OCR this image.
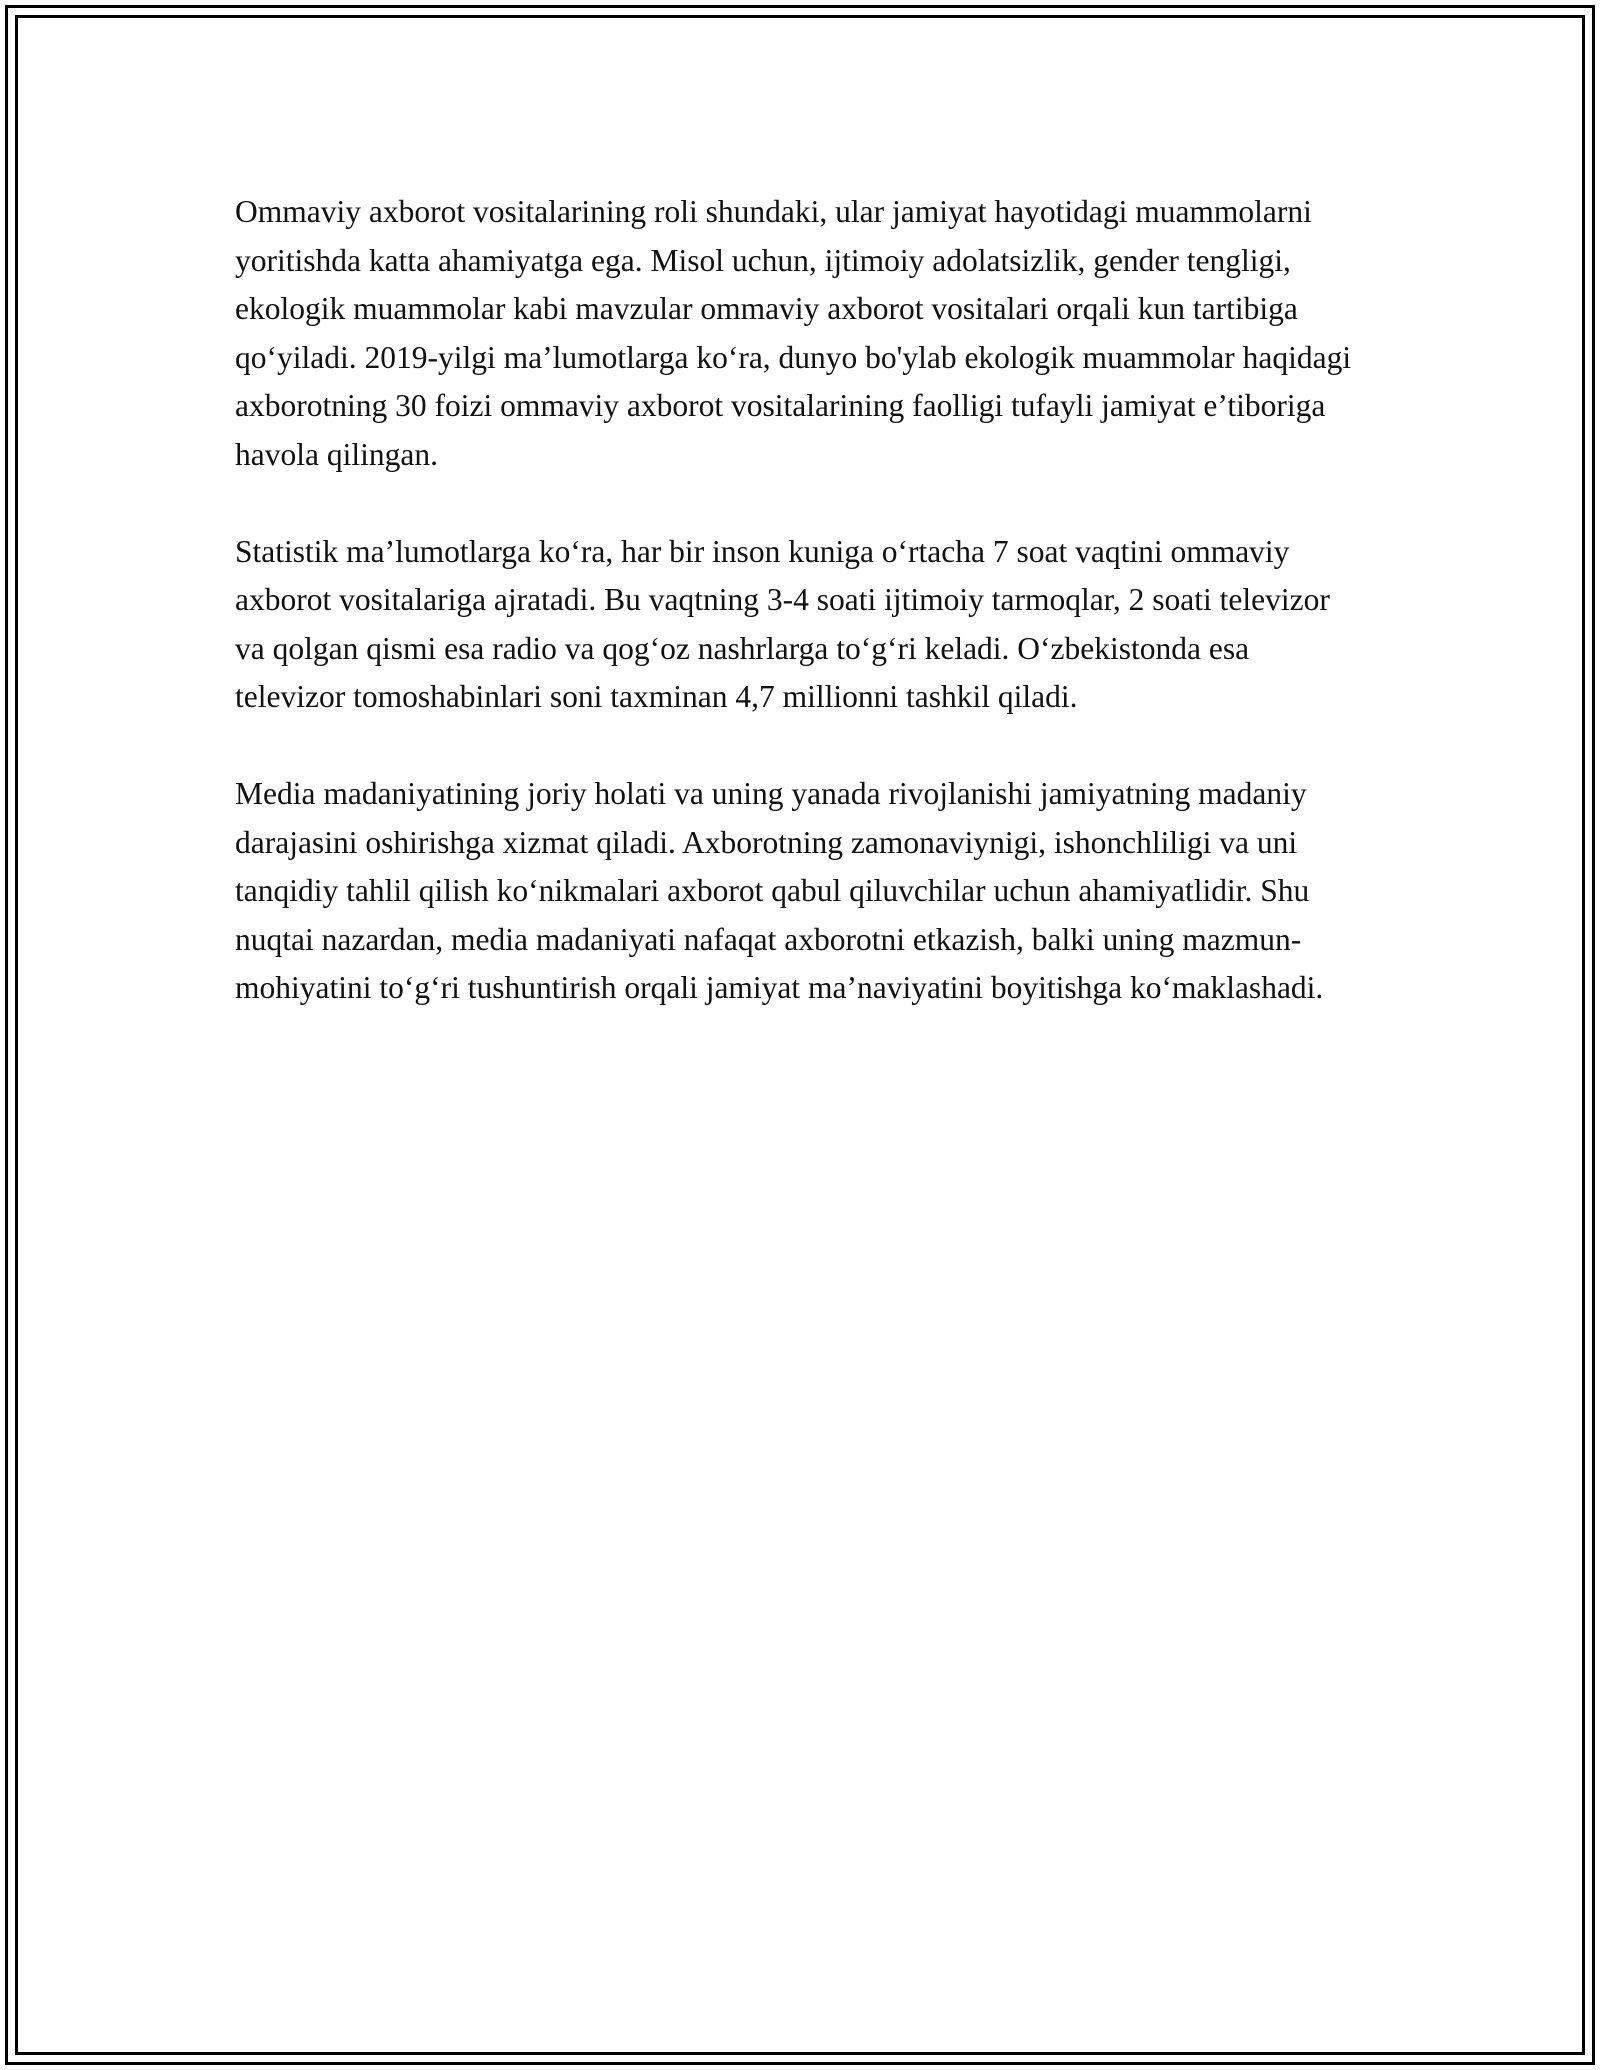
Ommaviy axborot vositalarining roli shundaki, ular jamiyat hayotidagi muammolarni yoritishda katta ahamiyatga ega. Misol uchun, ijtimoiy adolatsizlik, gender tengligi, ekologik muammolar kabi mavzular ommaviy axborot vositalari orqali kun tartibiga qo‘yiladi. 2019-yilgi ma’lumotlarga ko‘ra, dunyo bo'ylab ekologik muammolar haqidagi axborotning 30 foizi ommaviy axborot vositalarining faolligi tufayli jamiyat e’tiboriga havola qilingan.

Statistik ma’lumotlarga ko‘ra, har bir inson kuniga o‘rtacha 7 soat vaqtini ommaviy axborot vositalariga ajratadi. Bu vaqtning 3-4 soati ijtimoiy tarmoqlar, 2 soati televizor va qolgan qismi esa radio va qog‘oz nashrlarga to‘g‘ri keladi. O‘zbekistonda esa televizor tomoshabinlari soni taxminan 4,7 millionni tashkil qiladi.

Media madaniyatining joriy holati va uning yanada rivojlanishi jamiyatning madaniy darajasini oshirishga xizmat qiladi. Axborotning zamonaviynigi, ishonchliligi va uni tanqidiy tahlil qilish ko‘nikmalari axborot qabul qiluvchilar uchun ahamiyatlidir. Shu nuqtai nazardan, media madaniyati nafaqat axborotni etkazish, balki uning mazmun-mohiyatini to‘g‘ri tushuntirish orqali jamiyat ma’naviyatini boyitishga ko‘maklashadi.
